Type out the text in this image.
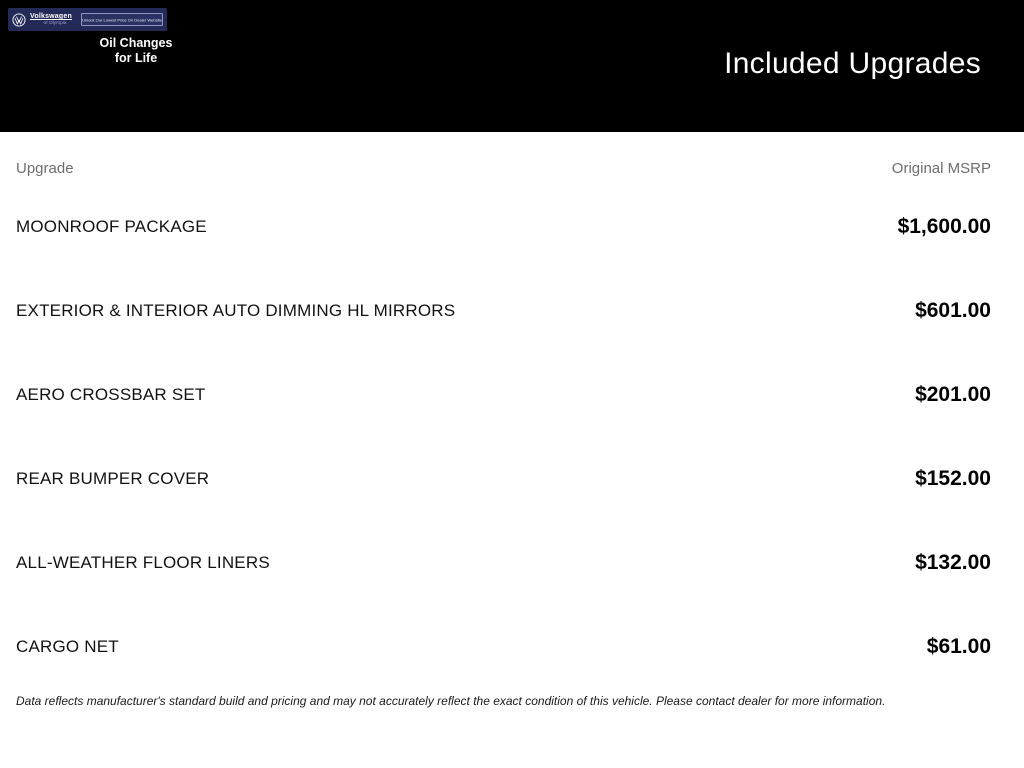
Volkswagen
of Olympia
Unlock Our Lowest Price On Dealer Website
Oil Changes
for Life	Included Upgrades
Upgrade	Original MSRP
MOONROOF PACKAGE	$1,600.00
EXTERIOR & INTERIOR AUTO DIMMING HL MIRRORS	$601.00
AERO CROSSBAR SET	$201.00
REAR BUMPER COVER	$152.00
ALL-WEATHER FLOOR LINERS	$132.00
CARGO NET	$61.00
Data reflects manufacturer's standard build and pricing and may not accurately reflect the exact condition of this vehicle. Please contact dealer for more information.
